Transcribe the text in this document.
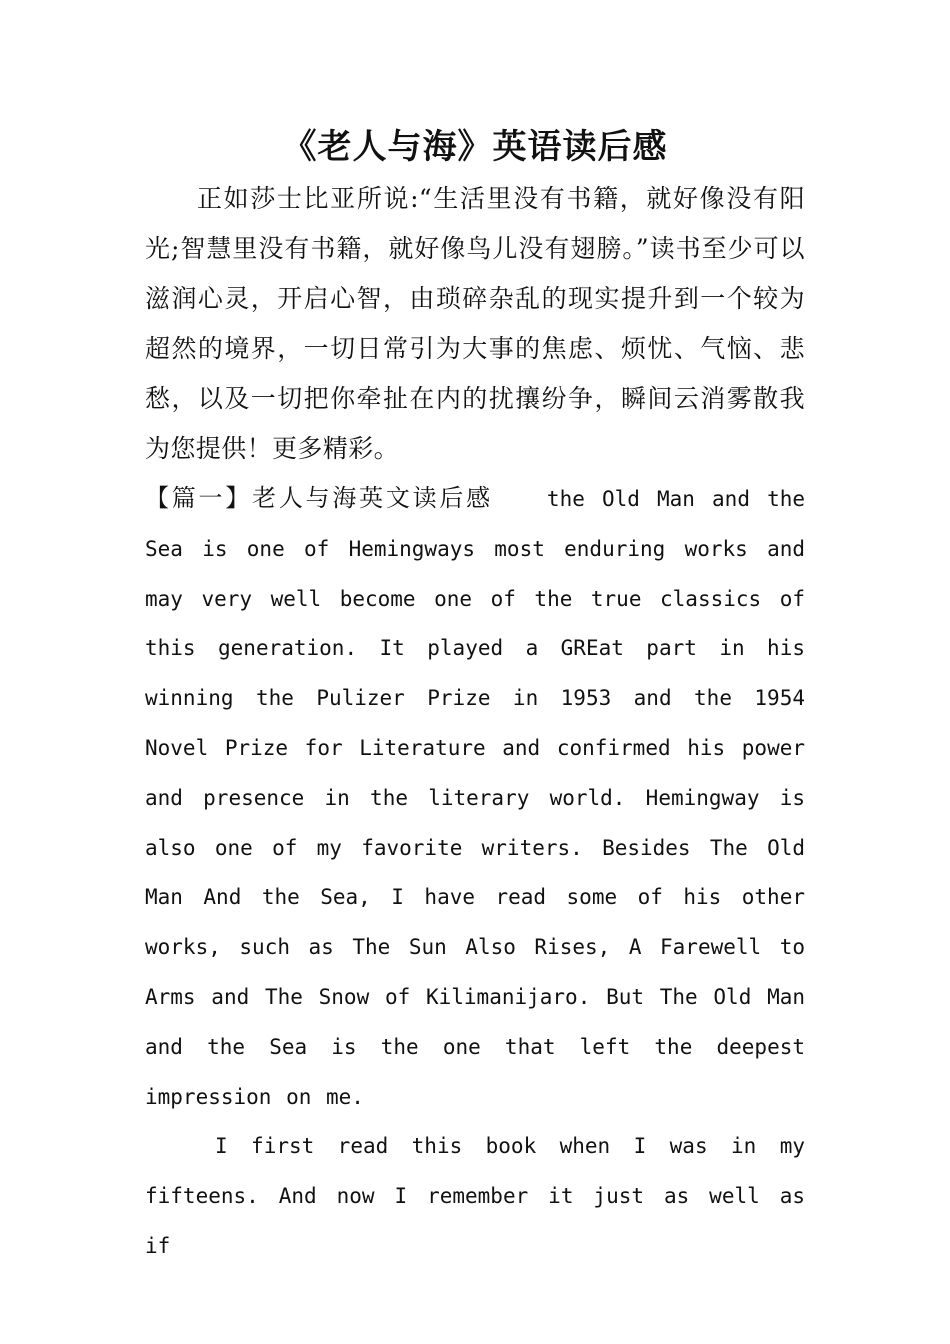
《老人与海》英语读后感

正如莎士比亚所说:“生活里没有书籍，就好像没有阳光;智慧里没有书籍，就好像鸟儿没有翅膀。”读书至少可以滋润心灵，开启心智，由琐碎杂乱的现实提升到一个较为超然的境界，一切日常引为大事的焦虑、烦忧、气恼、悲愁，以及一切把你牵扯在内的扰攘纷争，瞬间云消雾散我为您提供！更多精彩。

【篇一】老人与海英文读后感	the Old Man and the Sea is one of Hemingways most enduring works and may very well become one of the true classics of this generation. It played a GREat part in his winning the Pulizer Prize in 1953 and the 1954 Novel Prize for Literature and confirmed his power and presence in the literary world. Hemingway is also one of my favorite writers. Besides The Old Man And the Sea, I have read some of his other works, such as The Sun Also Rises, A Farewell to Arms and The Snow of Kilimanijaro. But The Old Man and the Sea is the one that left the deepest impression on me.

I first read this book when I was in my fifteens. And now I remember it just as well as if
